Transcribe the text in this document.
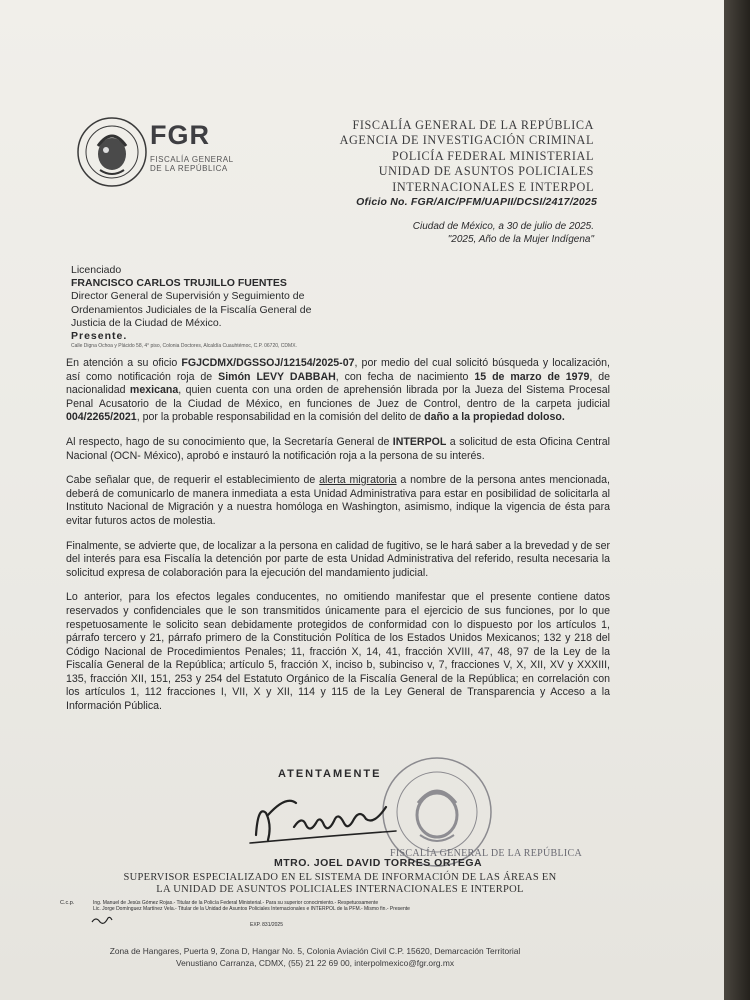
FGR
FISCALÍA GENERAL
DE LA REPÚBLICA
FISCALÍA GENERAL DE LA REPÚBLICA
AGENCIA DE INVESTIGACIÓN CRIMINAL
POLICÍA FEDERAL MINISTERIAL
UNIDAD DE ASUNTOS POLICIALES
INTERNACIONALES E INTERPOL
Oficio No. FGR/AIC/PFM/UAPII/DCSI/2417/2025
Ciudad de México, a 30 de julio de 2025.
"2025, Año de la Mujer Indígena"
Licenciado
FRANCISCO CARLOS TRUJILLO FUENTES
Director General de Supervisión y Seguimiento de
Ordenamientos Judiciales de la Fiscalía General de
Justicia de la Ciudad de México.
Presente.
Calle Digna Ochoa y Plácido 58, 4° piso, Colonia Doctores, Alcaldía Cuauhtémoc, C.P. 06720, CDMX.

En atención a su oficio FGJCDMX/DGSSOJ/12154/2025-07, por medio del cual solicitó búsqueda y localización, así como notificación roja de Simón LEVY DABBAH, con fecha de nacimiento 15 de marzo de 1979, de nacionalidad mexicana, quien cuenta con una orden de aprehensión librada por la Jueza del Sistema Procesal Penal Acusatorio de la Ciudad de México, en funciones de Juez de Control, dentro de la carpeta judicial 004/2265/2021, por la probable responsabilidad en la comisión del delito de daño a la propiedad doloso.

Al respecto, hago de su conocimiento que, la Secretaría General de INTERPOL a solicitud de esta Oficina Central Nacional (OCN- México), aprobó e instauró la notificación roja a la persona de su interés.

Cabe señalar que, de requerir el establecimiento de alerta migratoria a nombre de la persona antes mencionada, deberá de comunicarlo de manera inmediata a esta Unidad Administrativa para estar en posibilidad de solicitarla al Instituto Nacional de Migración y a nuestra homóloga en Washington, asimismo, indique la vigencia de ésta para evitar futuros actos de molestia.

Finalmente, se advierte que, de localizar a la persona en calidad de fugitivo, se le hará saber a la brevedad y de ser del interés para esa Fiscalía la detención por parte de esta Unidad Administrativa del referido, resulta necesaria la solicitud expresa de colaboración para la ejecución del mandamiento judicial.

Lo anterior, para los efectos legales conducentes, no omitiendo manifestar que el presente contiene datos reservados y confidenciales que le son transmitidos únicamente para el ejercicio de sus funciones, por lo que respetuosamente le solicito sean debidamente protegidos de conformidad con lo dispuesto por los artículos 1, párrafo tercero y 21, párrafo primero de la Constitución Política de los Estados Unidos Mexicanos; 132 y 218 del Código Nacional de Procedimientos Penales; 11, fracción X, 14, 41, fracción XVIII, 47, 48, 97 de la Ley de la Fiscalía General de la República; artículo 5, fracción X, inciso b, subinciso v, 7, fracciones V, X, XII, XV y XXXIII, 135, fracción XII, 151, 253 y 254 del Estatuto Orgánico de la Fiscalía General de la República; en correlación con los artículos 1, 112 fracciones I, VII, X y XII, 114 y 115 de la Ley General de Transparencia y Acceso a la Información Pública.

ATENTAMENTE
FISCALÍA GENERAL DE LA REPÚBLICA
MTRO. JOEL DAVID TORRES ORTEGA
SUPERVISOR ESPECIALIZADO EN EL SISTEMA DE INFORMACIÓN DE LAS ÁREAS EN
LA UNIDAD DE ASUNTOS POLICIALES INTERNACIONALES E INTERPOL
C.c.p.	Ing. Manuel de Jesús Gómez Rojas.- Titular de la Policía Federal Ministerial.- Para su superior conocimiento.- Respetuosamente
Lic. Jorge Domínguez Martínez Vela.- Titular de la Unidad de Asuntos Policiales Internacionales e INTERPOL de la PFM.- Mismo fin.- Presente
EXP. 831/2025
Zona de Hangares, Puerta 9, Zona D, Hangar No. 5, Colonia Aviación Civil C.P. 15620, Demarcación Territorial
Venustiano Carranza, CDMX, (55) 21 22 69 00, interpolmexico@fgr.org.mx
